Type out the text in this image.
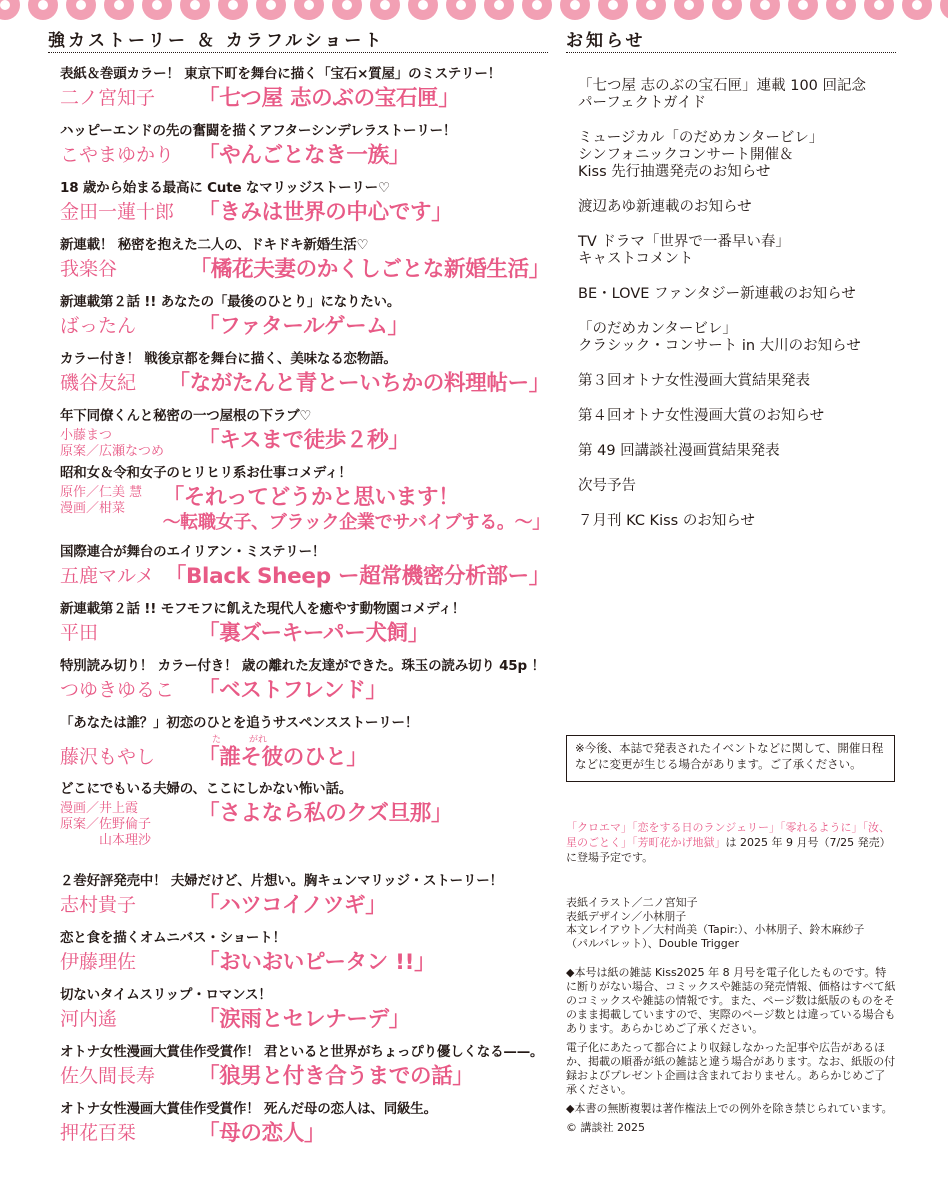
強カストーリー ＆ カラフルショート	お知らせ
表紙＆巻頭カラー！ 東京下町を舞台に描く「宝石×質屋」のミステリー！
二ノ宮知子	「七つ屋 志のぶの宝石匣」
ハッピーエンドの先の奮闘を描くアフターシンデレラストーリー！
こやまゆかり	「やんごとなき一族」
18 歳から始まる最高に Cute なマリッジストーリー♡
金田一蓮十郎	「きみは世界の中心です」
新連載！ 秘密を抱えた二人の、ドキドキ新婚生活♡
我楽谷	「橘花夫妻のかくしごとな新婚生活」
新連載第２話 !! あなたの「最後のひとり」になりたい。
ばったん	「ファタールゲーム」
カラー付き！ 戦後京都を舞台に描く、美味なる恋物語。
磯谷友紀	「ながたんと青とーいちかの料理帖ー」
年下同僚くんと秘密の一つ屋根の下ラブ♡
小藤まつ
原案／広瀬なつめ	「キスまで徒歩２秒」
昭和女＆令和女子のヒリヒリ系お仕事コメディ！
原作／仁美 慧
漫画／柑菜	「それってどうかと思います！
〜転職女子、ブラック企業でサバイブする。〜」
国際連合が舞台のエイリアン・ミステリー！
五鹿マルメ 「Black Sheep ー超常機密分析部ー」
新連載第２話 !! モフモフに飢えた現代人を癒やす動物園コメディ！
平田	「裏ズーキーパー犬飼」
特別読み切り！ カラー付き！ 歳の離れた友達ができた。珠玉の読み切り 45p ！
つゆきゆるこ	「ベストフレンド」
「あなたは誰？」初恋のひとを追うサスペンスストーリー！
た	がれ
藤沢もやし	「誰そ彼のひと」
どこにでもいる夫婦の、ここにしかない怖い話。
漫画／井上霞
原案／佐野倫子
　　　山本理沙
「さよなら私のクズ旦那」
２巻好評発売中！ 夫婦だけど、片想い。胸キュンマリッジ・ストーリー！
志村貴子	「ハツコイノツギ」
恋と食を描くオムニバス・ショート！
伊藤理佐	「おいおいピータン !!」
切ないタイムスリップ・ロマンス！
河内遙	「涙雨とセレナーデ」
オトナ女性漫画大賞佳作受賞作！ 君といると世界がちょっぴり優しくなる——。
佐久間長寿	「狼男と付き合うまでの話」
オトナ女性漫画大賞佳作受賞作！ 死んだ母の恋人は、同級生。
押花百栞	「母の恋人」
「七つ屋 志のぶの宝石匣」連載 100 回記念
パーフェクトガイド
ミュージカル「のだめカンタービレ」
シンフォニックコンサート開催＆
Kiss 先行抽選発売のお知らせ
渡辺あゆ新連載のお知らせ
TV ドラマ「世界で一番早い春」
キャストコメント
BE・LOVE ファンタジー新連載のお知らせ
「のだめカンタービレ」
クラシック・コンサート in 大川のお知らせ
第３回オトナ女性漫画大賞結果発表
第４回オトナ女性漫画大賞のお知らせ
第 49 回講談社漫画賞結果発表
次号予告
７月刊 KC Kiss のお知らせ
※今後、本誌で発表されたイベントなどに関して、開催日程などに変更が生じる場合があります。ご了承ください。
「クロエマ」「恋をする日のランジェリー」「零れるように」「汝、星のごとく」「芳町花かげ地獄」は 2025 年 9 月号（7/25 発売）に登場予定です。
表紙イラスト／二ノ宮知子
表紙デザイン／小林朋子
本文レイアウト／大村尚美（Tapir:）、小林朋子、鈴木麻紗子
（パルバレット）、Double Trigger

◆本号は紙の雑誌 Kiss2025 年 8 月号を電子化したものです。特に断りがない場合、コミックスや雑誌の発売情報、価格はすべて紙のコミックスや雑誌の情報です。また、ページ数は紙版のものをそのまま掲載していますので、実際のページ数とは違っている場合もあります。あらかじめご了承ください。

電子化にあたって都合により収録しなかった記事や広告があるほか、掲載の順番が紙の雑誌と違う場合があります。なお、紙版の付録およびプレゼント企画は含まれておりません。あらかじめご了承ください。

◆本書の無断複製は著作権法上での例外を除き禁じられています。

© 講談社 2025
